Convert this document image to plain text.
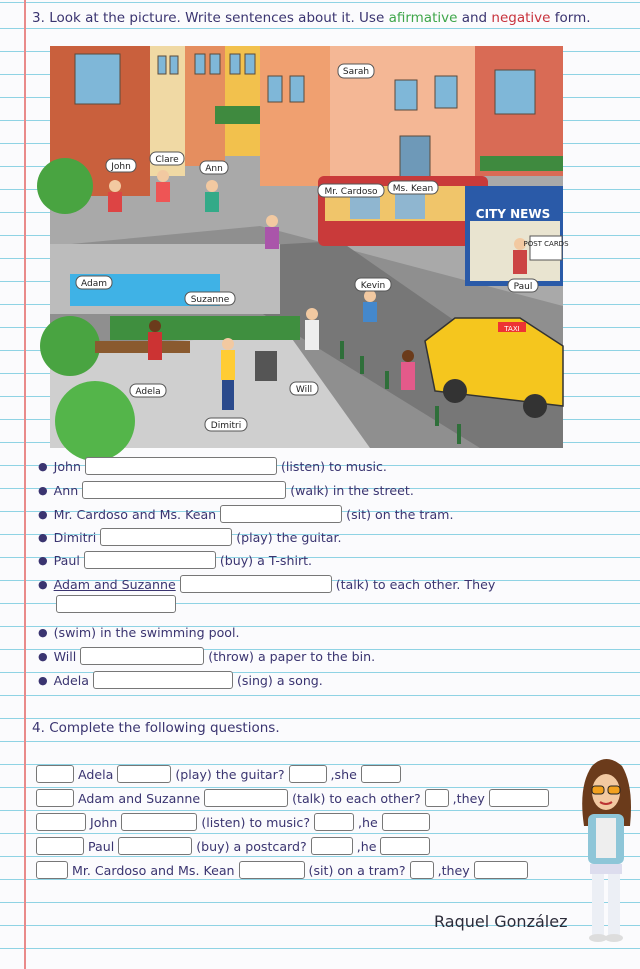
3. Look at the picture. Write sentences about it. Use afirmative and negative form.
Sarah
John
Clare
Ann
Mr. Cardoso Ms. Kean
CITY NEWS
POST CARDS
TAXI
Adam
Suzanne
Kevin	Paul
Adela	Will
Dimitri
● John	(listen) to music.
● Ann	(walk) in the street.
● Mr. Cardoso and Ms. Kean	(sit) on the tram.
● Dimitri	(play) the guitar.
● Paul	(buy) a T-shirt.
● Adam and Suzanne	(talk) to each other. They
● (swim) in the swimming pool.
● Will	(throw) a paper to the bin.
● Adela	(sing) a song.
4. Complete the following questions.
Adela	(play) the guitar?	, she
Adam and Suzanne	(talk) to each other?	, they
John	(listen) to music?	, he
Paul	(buy) a postcard?	, he
Mr. Cardoso and Ms. Kean	(sit) on a tram?	, they
Raquel González
